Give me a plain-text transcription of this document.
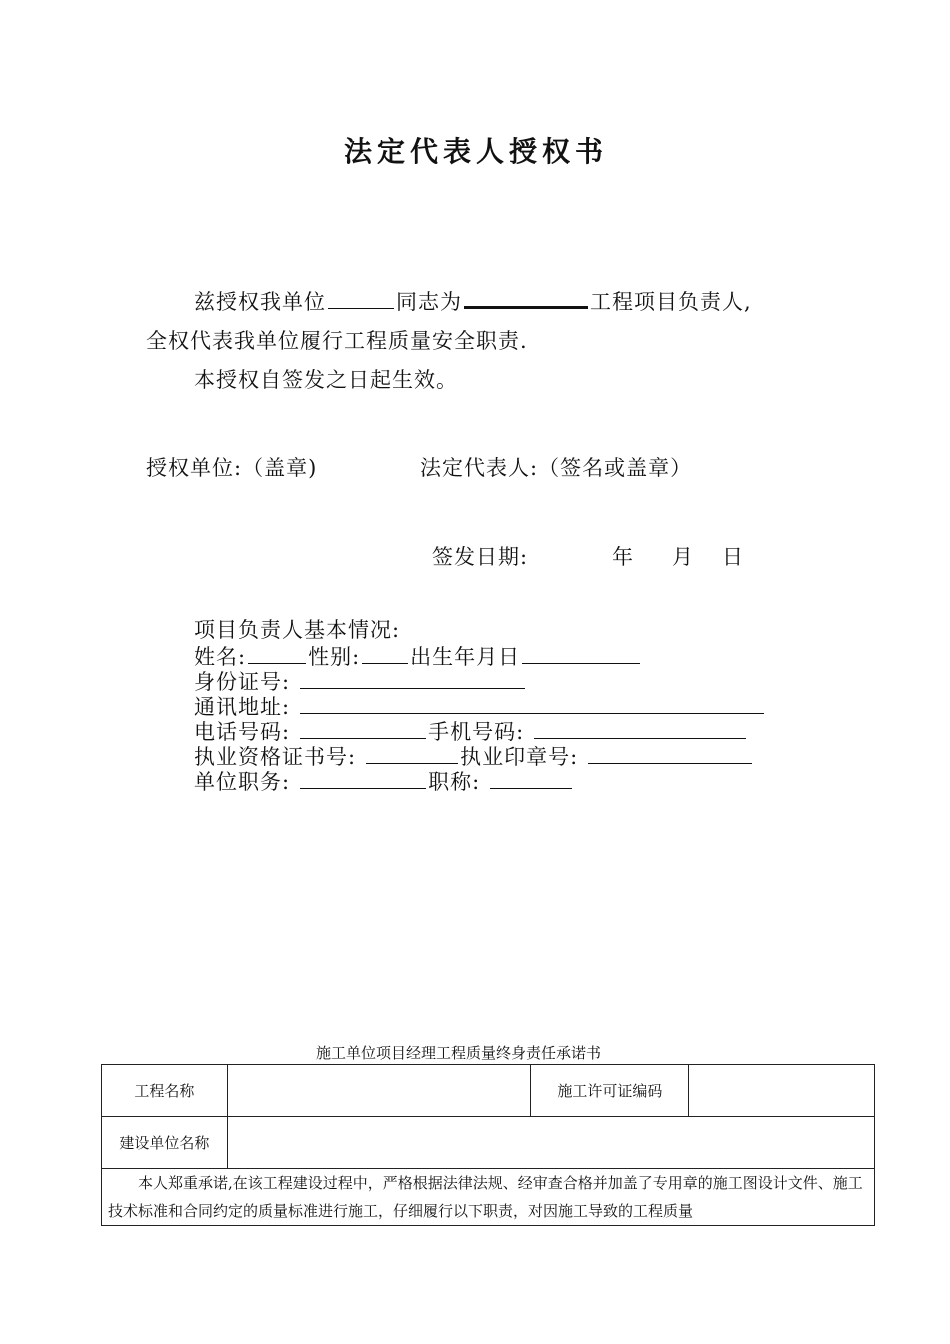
法定代表人授权书
兹授权我单位	同志为	工程项目负责人,
全权代表我单位履行工程质量安全职责.
本授权自签发之日起生效。
授权单位:（盖章)	法定代表人:（签名或盖章）
签发日期:	年 月 日
项目负责人基本情况:
姓名:	性别: 出生年月日
身份证号:
通讯地址:
电话号码:	手机号码:
执业资格证书号:	执业印章号:
单位职务:	职称:
施工单位项目经理工程质量终身责任承诺书
工程名称		施工许可证编码	
建设单位名称			
本人郑重承诺,在该工程建设过程中，严格根据法律法规、经审查合格并加盖了专用章的施工图设计文件、施工技术标准和合同约定的质量标准进行施工，仔细履行以下职责，对因施工导致的工程质量			
